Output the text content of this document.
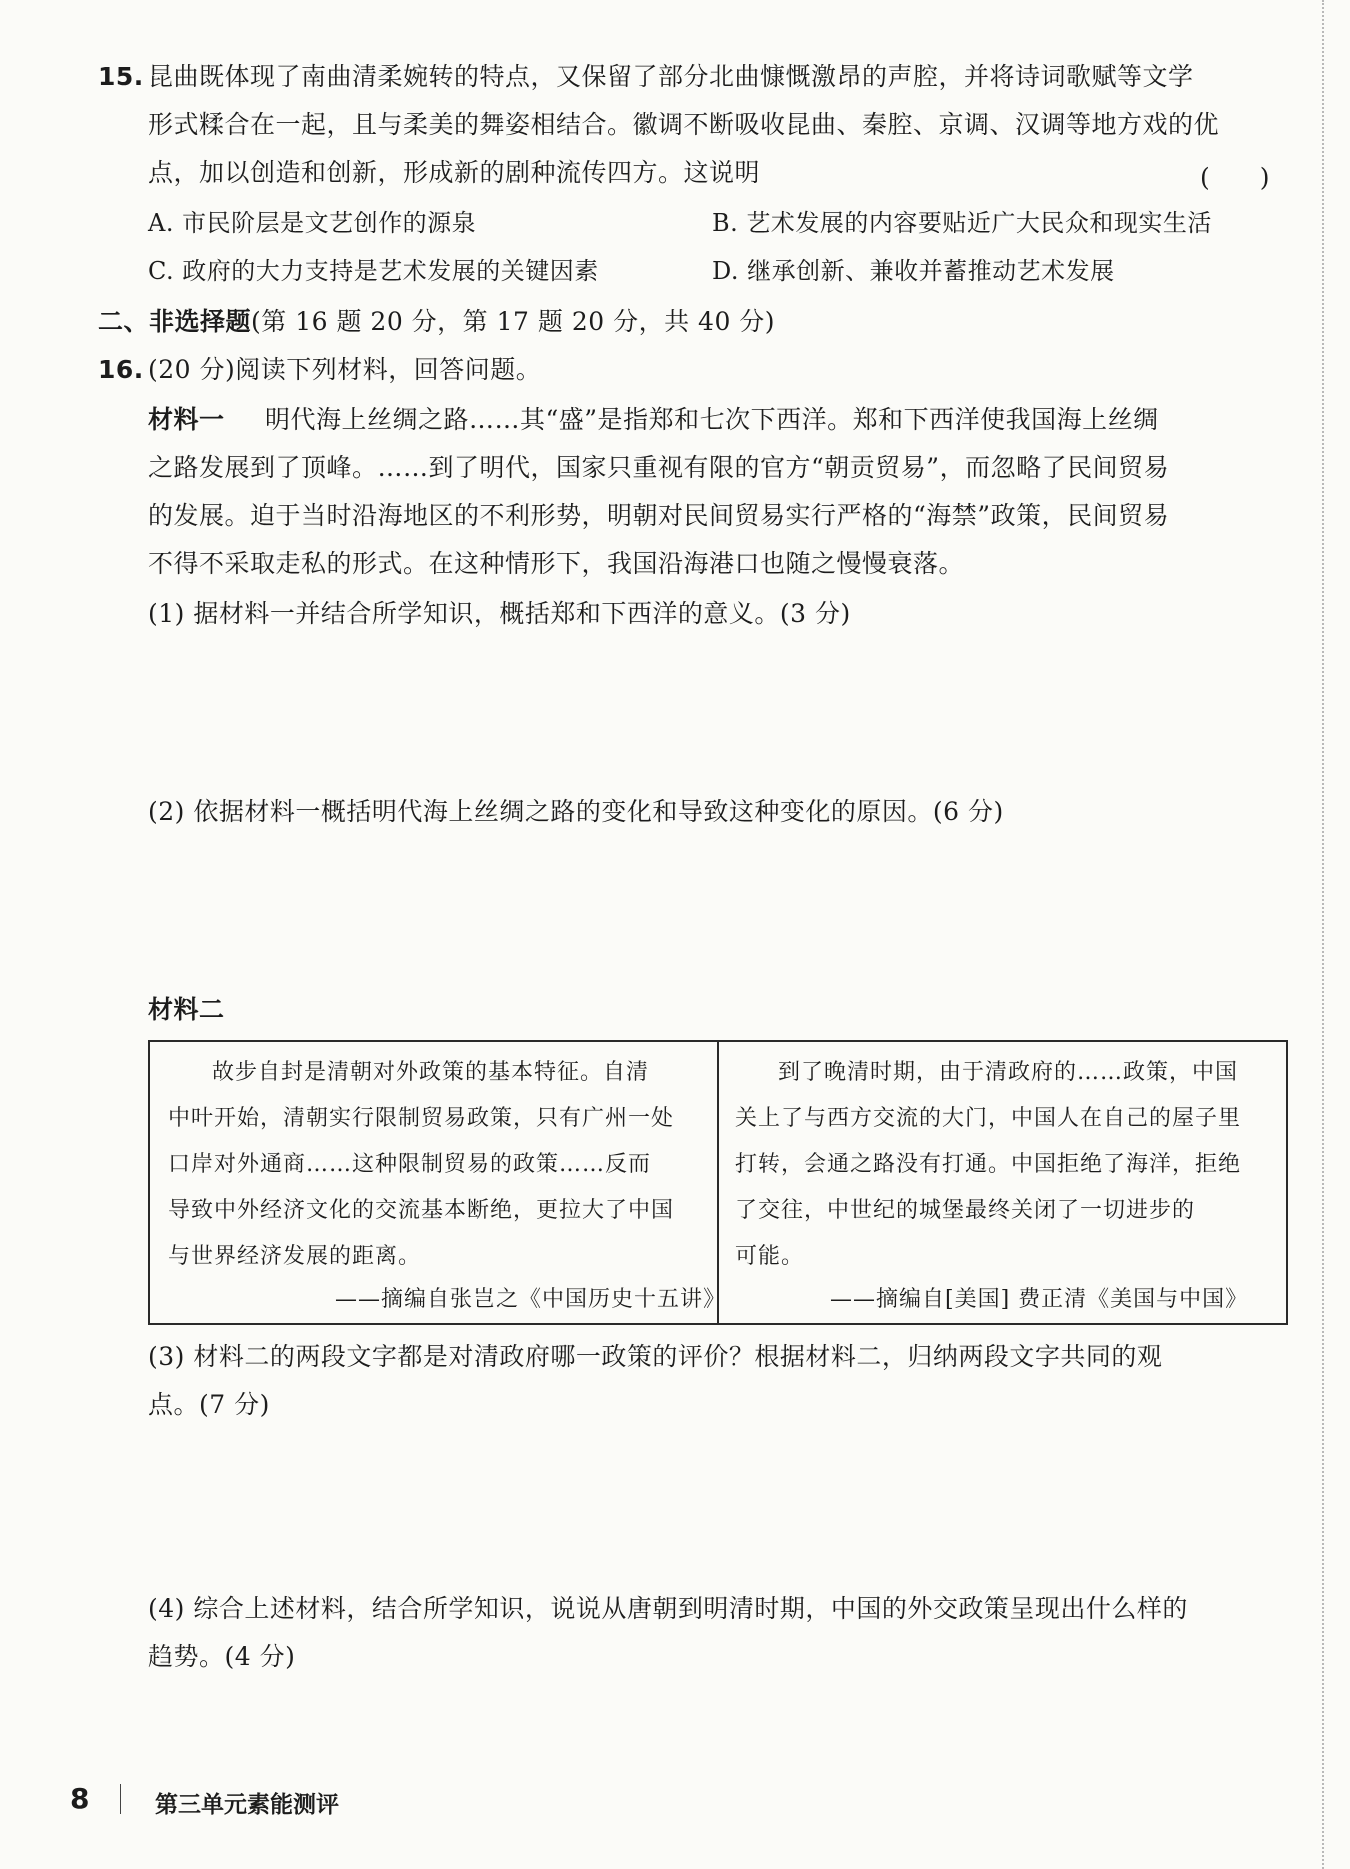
15. 昆曲既体现了南曲清柔婉转的特点，又保留了部分北曲慷慨激昂的声腔，并将诗词歌赋等文学
形式糅合在一起，且与柔美的舞姿相结合。徽调不断吸收昆曲、秦腔、京调、汉调等地方戏的优
点，加以创造和创新，形成新的剧种流传四方。这说明	(　　)
A. 市民阶层是文艺创作的源泉	B. 艺术发展的内容要贴近广大民众和现实生活
C. 政府的大力支持是艺术发展的关键因素	D. 继承创新、兼收并蓄推动艺术发展
二、非选择题(第 16 题 20 分，第 17 题 20 分，共 40 分)
16. (20 分)阅读下列材料，回答问题。
材料一 明代海上丝绸之路……其“盛”是指郑和七次下西洋。郑和下西洋使我国海上丝绸
之路发展到了顶峰。……到了明代，国家只重视有限的官方“朝贡贸易”，而忽略了民间贸易
的发展。迫于当时沿海地区的不利形势，明朝对民间贸易实行严格的“海禁”政策，民间贸易
不得不采取走私的形式。在这种情形下，我国沿海港口也随之慢慢衰落。
(1) 据材料一并结合所学知识，概括郑和下西洋的意义。(3 分)
(2) 依据材料一概括明代海上丝绸之路的变化和导致这种变化的原因。(6 分)
材料二
故步自封是清朝对外政策的基本特征。自清
中叶开始，清朝实行限制贸易政策，只有广州一处
口岸对外通商……这种限制贸易的政策……反而
导致中外经济文化的交流基本断绝，更拉大了中国
与世界经济发展的距离。
——摘编自张岂之《中国历史十五讲》
到了晚清时期，由于清政府的……政策，中国
关上了与西方交流的大门，中国人在自己的屋子里
打转，会通之路没有打通。中国拒绝了海洋，拒绝
了交往，中世纪的城堡最终关闭了一切进步的
可能。
——摘编自[美国] 费正清《美国与中国》
(3) 材料二的两段文字都是对清政府哪一政策的评价？根据材料二，归纳两段文字共同的观
点。(7 分)
(4) 综合上述材料，结合所学知识，说说从唐朝到明清时期，中国的外交政策呈现出什么样的
趋势。(4 分)
8	第三单元素能测评
